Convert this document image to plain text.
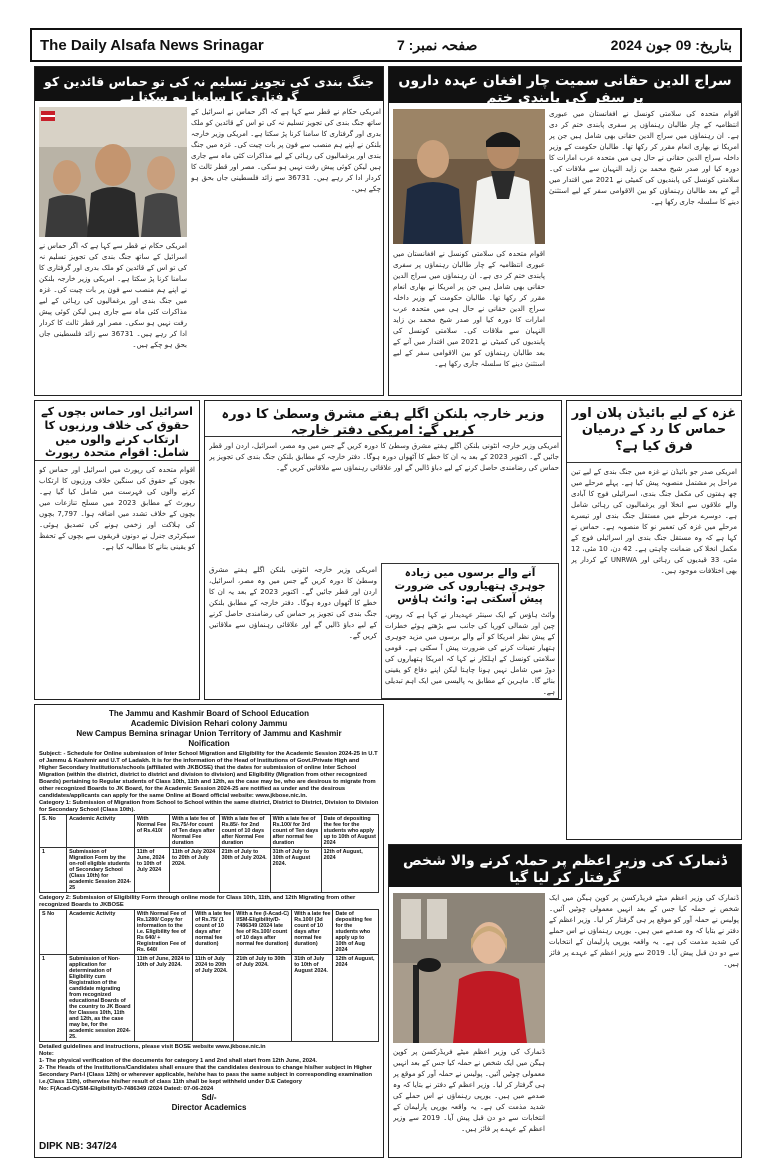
The Daily Alsafa News Srinagar	صفحہ نمبر: 7	بتاریخ: 09 جون 2024
سراج الدین حقانی سمیت چار افغان عہدہ داروں پر سفر کی پابندی ختم
اقوام متحدہ کی سلامتی کونسل نے افغانستان میں عبوری انتظامیہ کے چار طالبان رہنماؤں پر سفری پابندی ختم کر دی ہے۔ ان رہنماؤں میں سراج الدین حقانی بھی شامل ہیں جن پر امریکا نے بھاری انعام مقرر کر رکھا تھا۔ طالبان حکومت کے وزیر داخلہ سراج الدین حقانی نے حال ہی میں متحدہ عرب امارات کا دورہ کیا اور صدر شیخ محمد بن زاید النہیان سے ملاقات کی۔ سلامتی کونسل کی پابندیوں کی کمیٹی نے 2021 میں اقتدار میں آنے کے بعد طالبان رہنماؤں کو بین الاقوامی سفر کے لیے استثنیٰ دینے کا سلسلہ جاری رکھا ہے۔
اقوام متحدہ کی سلامتی کونسل نے افغانستان میں عبوری انتظامیہ کے چار طالبان رہنماؤں پر سفری پابندی ختم کر دی ہے۔ ان رہنماؤں میں سراج الدین حقانی بھی شامل ہیں جن پر امریکا نے بھاری انعام مقرر کر رکھا تھا۔ طالبان حکومت کے وزیر داخلہ سراج الدین حقانی نے حال ہی میں متحدہ عرب امارات کا دورہ کیا اور صدر شیخ محمد بن زاید النہیان سے ملاقات کی۔ سلامتی کونسل کی پابندیوں کی کمیٹی نے 2021 میں اقتدار میں آنے کے بعد طالبان رہنماؤں کو بین الاقوامی سفر کے لیے استثنیٰ دینے کا سلسلہ جاری رکھا ہے۔
جنگ بندی کی تجویز تسلیم نہ کی تو حماس قائدین کو گرفتاری کا سامنا ہو سکتا ہے
امریکی حکام نے قطر سے کہا ہے کہ اگر حماس نے اسرائیل کے ساتھ جنگ بندی کی تجویز تسلیم نہ کی تو اس کے قائدین کو ملک بدری اور گرفتاری کا سامنا کرنا پڑ سکتا ہے۔ امریکی وزیر خارجہ بلنکن نے اپنے ہم منصب سے فون پر بات چیت کی۔ غزہ میں جنگ بندی اور یرغمالیوں کی رہائی کے لیے مذاکرات کئی ماہ سے جاری ہیں لیکن کوئی پیش رفت نہیں ہو سکی۔ مصر اور قطر ثالث کا کردار ادا کر رہے ہیں۔ 36731 سے زائد فلسطینی جاں بحق ہو چکے ہیں۔
امریکی حکام نے قطر سے کہا ہے کہ اگر حماس نے اسرائیل کے ساتھ جنگ بندی کی تجویز تسلیم نہ کی تو اس کے قائدین کو ملک بدری اور گرفتاری کا سامنا کرنا پڑ سکتا ہے۔ امریکی وزیر خارجہ بلنکن نے اپنے ہم منصب سے فون پر بات چیت کی۔ غزہ میں جنگ بندی اور یرغمالیوں کی رہائی کے لیے مذاکرات کئی ماہ سے جاری ہیں لیکن کوئی پیش رفت نہیں ہو سکی۔ مصر اور قطر ثالث کا کردار ادا کر رہے ہیں۔ 36731 سے زائد فلسطینی جاں بحق ہو چکے ہیں۔
اسرائیل اور حماس بچوں کے حقوق کی خلاف ورزیوں کا ارتکاب کرنے والوں میں شامل: اقوام متحدہ رپورٹ
اقوام متحدہ کی رپورٹ میں اسرائیل اور حماس کو بچوں کے حقوق کی سنگین خلاف ورزیوں کا ارتکاب کرنے والوں کی فہرست میں شامل کیا گیا ہے۔ رپورٹ کے مطابق 2023 میں مسلح تنازعات میں بچوں کے خلاف تشدد میں اضافہ ہوا۔ 7,797 بچوں کی ہلاکت اور زخمی ہونے کی تصدیق ہوئی۔ سیکرٹری جنرل نے دونوں فریقوں سے بچوں کے تحفظ کو یقینی بنانے کا مطالبہ کیا ہے۔
وزیر خارجہ بلنکن اگلے ہفتے مشرق وسطیٰ کا دورہ کریں گے: امریکی دفتر خارجہ
امریکی وزیر خارجہ انٹونی بلنکن اگلے ہفتے مشرق وسطیٰ کا دورہ کریں گے جس میں وہ مصر، اسرائیل، اردن اور قطر جائیں گے۔ اکتوبر 2023 کے بعد یہ ان کا خطے کا آٹھواں دورہ ہوگا۔ دفتر خارجہ کے مطابق بلنکن جنگ بندی کی تجویز پر حماس کی رضامندی حاصل کرنے کے لیے دباؤ ڈالیں گے اور علاقائی رہنماؤں سے ملاقاتیں کریں گے۔
آنے والے برسوں میں زیادہ جوہری ہتھیاروں کی ضرورت پیش آسکتی ہے: وائٹ ہاؤس
وائٹ ہاؤس کے ایک سینئر عہدیدار نے کہا ہے کہ روس، چین اور شمالی کوریا کی جانب سے بڑھتے ہوئے خطرات کے پیش نظر امریکا کو آنے والے برسوں میں مزید جوہری ہتھیار تعینات کرنے کی ضرورت پیش آ سکتی ہے۔ قومی سلامتی کونسل کے اہلکار نے کہا کہ امریکا ہتھیاروں کی دوڑ میں شامل نہیں ہونا چاہتا لیکن اپنے دفاع کو یقینی بنائے گا۔ ماہرین کے مطابق یہ پالیسی میں ایک اہم تبدیلی ہے۔
امریکی وزیر خارجہ انٹونی بلنکن اگلے ہفتے مشرق وسطیٰ کا دورہ کریں گے جس میں وہ مصر، اسرائیل، اردن اور قطر جائیں گے۔ اکتوبر 2023 کے بعد یہ ان کا خطے کا آٹھواں دورہ ہوگا۔ دفتر خارجہ کے مطابق بلنکن جنگ بندی کی تجویز پر حماس کی رضامندی حاصل کرنے کے لیے دباؤ ڈالیں گے اور علاقائی رہنماؤں سے ملاقاتیں کریں گے۔
غزہ کے لیے بائیڈن پلان اور حماس کا رد کے درمیان فرق کیا ہے؟
امریکی صدر جو بائیڈن نے غزہ میں جنگ بندی کے لیے تین مراحل پر مشتمل منصوبہ پیش کیا ہے۔ پہلے مرحلے میں چھ ہفتوں کی مکمل جنگ بندی، اسرائیلی فوج کا آبادی والے علاقوں سے انخلا اور یرغمالیوں کی رہائی شامل ہے۔ دوسرے مرحلے میں مستقل جنگ بندی اور تیسرے مرحلے میں غزہ کی تعمیر نو کا منصوبہ ہے۔ حماس نے کہا ہے کہ وہ مستقل جنگ بندی اور اسرائیلی فوج کے مکمل انخلا کی ضمانت چاہتی ہے۔ 42 دن، 10 مئی، 12 مئی، 33 قیدیوں کی رہائی اور UNRWA کے کردار پر بھی اختلافات موجود ہیں۔
The Jammu and Kashmir Board of School Education
Academic Division Rehari colony Jammu
New Campus Bemina srinagar Union Territory of Jammu and Kashmir
Noification
Subject: - Schedule for Online submission of Inter School Migration and Eligibility for the Academic Session 2024-25 in U.T of Jammu & Kashmir and U.T of Ladakh. It is for the information of the Head of Institutions of Govt./Private High and Higher Secondary Institutions/schools (affiliated with JKBOSE) that the dates for submission of online Inter School Migration (within the district, district to district and division to division) and Eligibility (Migration from other recognized Boards) pertaining to Regular students of Class 10th, 11th and 12th, as the case may be, who are desirous to migrate from other recognized Boards to JK Board, for the Academic Session 2024-25 are notified as under and the desirous candidates/applicants can apply for the same Online at Board official website: www.jkbose.nic.in.
Category 1: Submission of Migration from School to School within the same district, District to District, Division to Division for Secondary School (Class 10th).
S. No	Academic Activity	With Normal Fee of Rs.410/	With a late fee of Rs.75/-for count of Ten days after Normal Fee duration	With a late fee of Rs.85/- for 2nd count of 10 days after Normal Fee duration	With a late fee of Rs.100/ for 3rd count of Ten days after normal fee duration	Date of depositing the fee for the students who apply up to 10th of August 2024
1	Submission of Migration Form by the on-roll eligible students of Secondary School (Class 10th) for academic Session 2024-25	11th of June, 2024 to 10th of July 2024	11th of July 2024 to 20th of July 2024.	21th of July to 30th of July 2024.	31th of July to 10th of August 2024.	12th of August, 2024
Category 2: Submission of Eligibility Form through online mode for Class 10th, 11th, and 12th Migrating from other recognized Boards to JKBOSE
S No	Academic Activity	With Normal Fee of Rs.1280/ Copy for information to the i.e. Eligibility fee of Rs 640/ + Registration Fee of Rs. 640/	With a late fee of Rs.75/ (1 count of 10 days after normal fee duration)	With a fee (I-Acad-C) I/SM-Eligibility/D-7486349 /2024 late fee of Rs.100/ count of 10 days after normal fee duration)	With a late fee Rs.100/ (3d count of 10 days after normal fee duration)	Date of depositing fee for the students who apply up to 10th of Aug 2024
1	Submission of Non-application for determination of Eligibility cum Registration of the candidate migrating from recognized educational Boards of the country to JK Board for Classes 10th, 11th and 12th, as the case may be, for the academic session 2024-25.	11th of June, 2024 to 10th of July 2024.	11th of July 2024 to 20th of July 2024.	21th of July to 30th of July 2024.	31th of July to 10th of August 2024.	12th of August, 2024
Detailed guidelines and instructions, please visit BOSE website www.jkbose.nic.in
Note:
1- The physical verification of the documents for category 1 and 2nd shall start from 12th June, 2024.
2- The Heads of the Institutions/Candidates shall ensure that the candidates desirous to change his/her subject in Higher Secondary Part-I (Class 12th) or wherever applicable, he/she has to pass the same subject in corresponding examination i.e.(Class 11th), otherwise his/her result of class 11th shall be kept withheld under D.E Category
No: F(Acad-C)/SM-Eligibility/D-7486349 /2024 Dated: 07-06-2024
Sd/-
Director Academics
DIPK NB: 347/24
ڈنمارک کی وزیر اعظم پر حملہ کرنے والا شخص گرفتار کر لیا گیا
ڈنمارک کی وزیر اعظم میٹے فریڈرکسن پر کوپن ہیگن میں ایک شخص نے حملہ کیا جس کے بعد انہیں معمولی چوٹیں آئیں۔ پولیس نے حملہ آور کو موقع پر ہی گرفتار کر لیا۔ وزیر اعظم کے دفتر نے بتایا کہ وہ صدمے میں ہیں۔ یورپی رہنماؤں نے اس حملے کی شدید مذمت کی ہے۔ یہ واقعہ یورپی پارلیمان کے انتخابات سے دو دن قبل پیش آیا۔ 2019 سے وزیر اعظم کے عہدے پر فائز ہیں۔
ڈنمارک کی وزیر اعظم میٹے فریڈرکسن پر کوپن ہیگن میں ایک شخص نے حملہ کیا جس کے بعد انہیں معمولی چوٹیں آئیں۔ پولیس نے حملہ آور کو موقع پر ہی گرفتار کر لیا۔ وزیر اعظم کے دفتر نے بتایا کہ وہ صدمے میں ہیں۔ یورپی رہنماؤں نے اس حملے کی شدید مذمت کی ہے۔ یہ واقعہ یورپی پارلیمان کے انتخابات سے دو دن قبل پیش آیا۔ 2019 سے وزیر اعظم کے عہدے پر فائز ہیں۔
